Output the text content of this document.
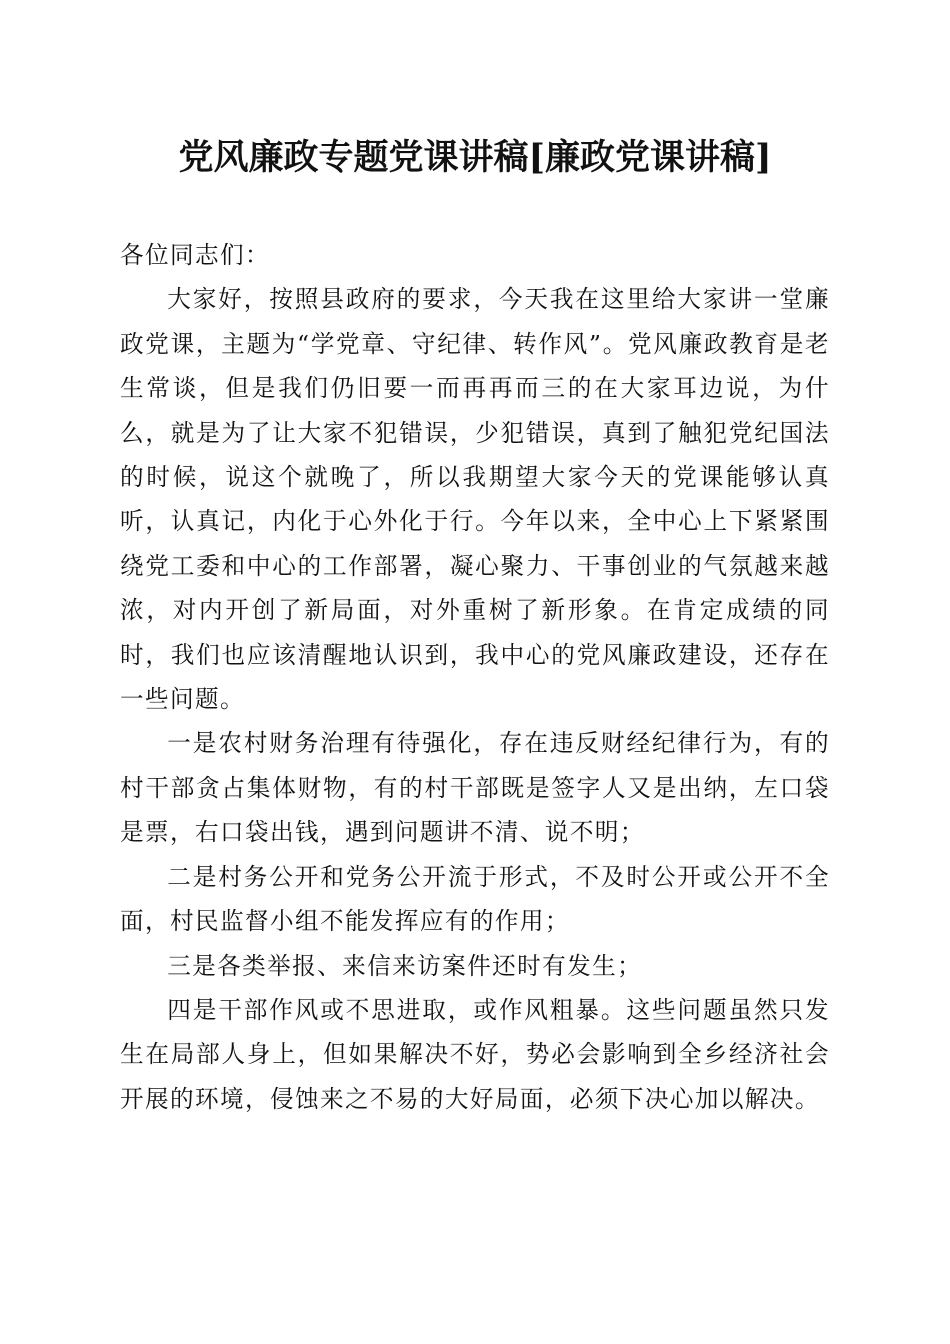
党风廉政专题党课讲稿[廉政党课讲稿]

各位同志们：

大家好，按照县政府的要求，今天我在这里给大家讲一堂廉政党课，主题为“学党章、守纪律、转作风”。党风廉政教育是老生常谈，但是我们仍旧要一而再再而三的在大家耳边说，为什么，就是为了让大家不犯错误，少犯错误，真到了触犯党纪国法的时候，说这个就晚了，所以我期望大家今天的党课能够认真听，认真记，内化于心外化于行。今年以来，全中心上下紧紧围绕党工委和中心的工作部署，凝心聚力、干事创业的气氛越来越浓，对内开创了新局面，对外重树了新形象。在肯定成绩的同时，我们也应该清醒地认识到，我中心的党风廉政建设，还存在一些问题。

一是农村财务治理有待强化，存在违反财经纪律行为，有的村干部贪占集体财物，有的村干部既是签字人又是出纳，左口袋是票，右口袋出钱，遇到问题讲不清、说不明；

二是村务公开和党务公开流于形式，不及时公开或公开不全面，村民监督小组不能发挥应有的作用；

三是各类举报、来信来访案件还时有发生；

四是干部作风或不思进取，或作风粗暴。这些问题虽然只发生在局部人身上，但如果解决不好，势必会影响到全乡经济社会开展的环境，侵蚀来之不易的大好局面，必须下决心加以解决。
